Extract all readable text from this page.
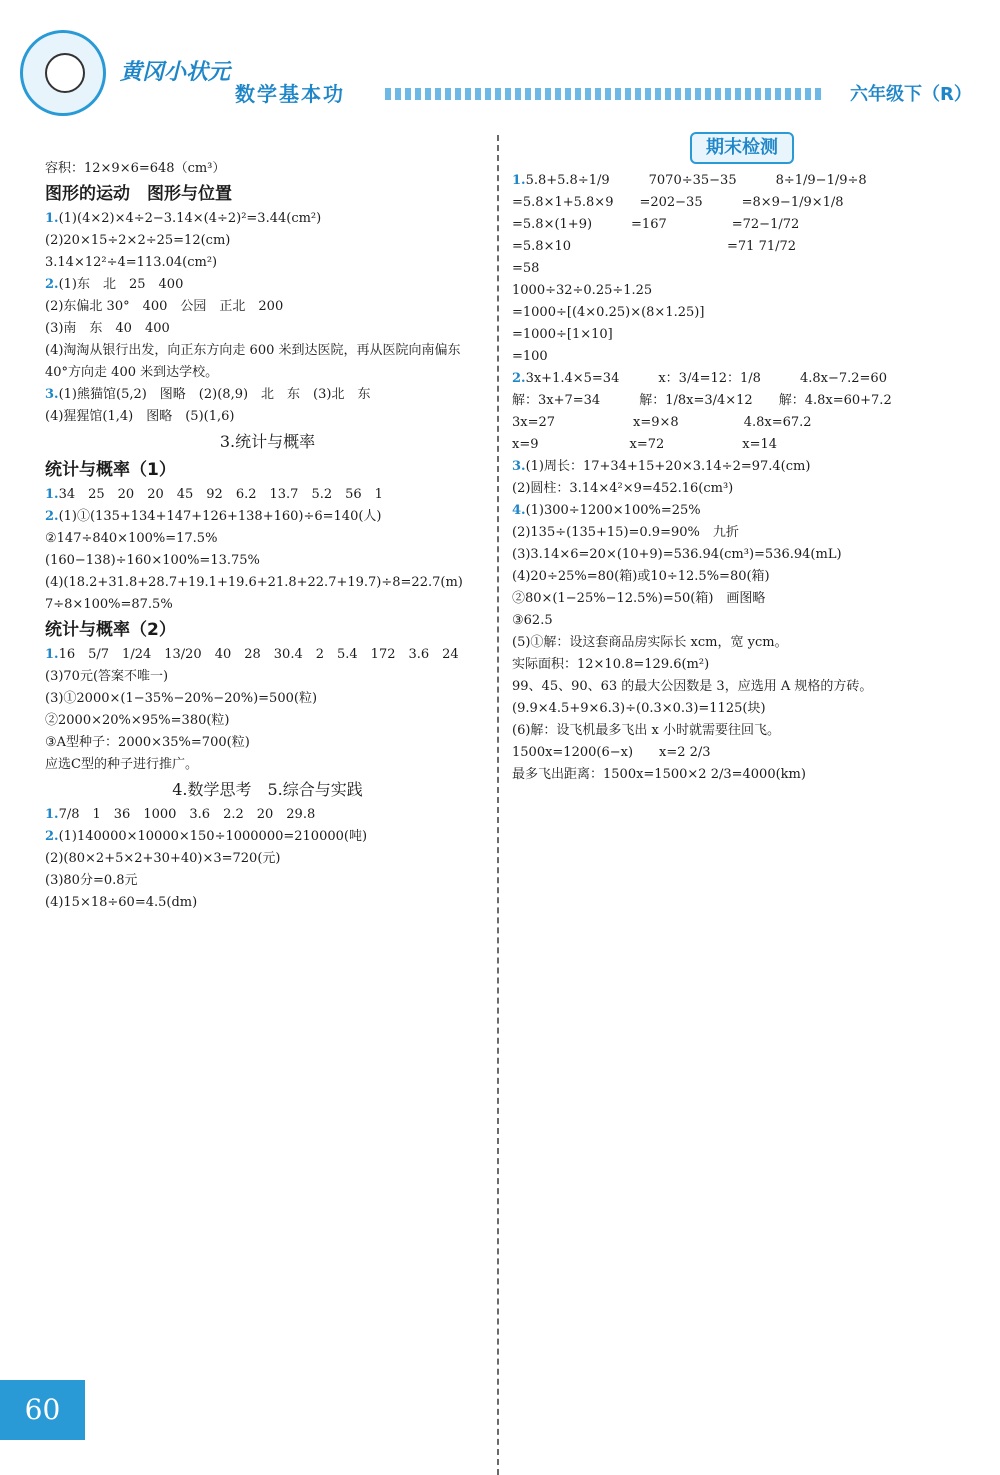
黄冈小状元
数学基本功	六年级下（R）
容积：12×9×6=648（cm³）
图形的运动　图形与位置
1.(1)(4×2)×4÷2−3.14×(4÷2)²=3.44(cm²)
(2)20×15÷2×2÷25=12(cm)
3.14×12²÷4=113.04(cm²)
2.(1)东　北　25　400
(2)东偏北 30°　400　公园　正北　200
(3)南　东　40　400
(4)淘淘从银行出发，向正东方向走 600 米到达医院，再从医院向南偏东
40°方向走 400 米到达学校。
3.(1)熊猫馆(5,2)　图略　(2)(8,9)　北　东　(3)北　东
(4)猩猩馆(1,4)　图略　(5)(1,6)
3.统计与概率
统计与概率（1）
1.34　25　20　20　45　92　6.2　13.7　5.2　56　1
2.(1)①(135+134+147+126+138+160)÷6=140(人)
②147÷840×100%=17.5%
(160−138)÷160×100%=13.75%
(4)(18.2+31.8+28.7+19.1+19.6+21.8+22.7+19.7)÷8=22.7(m)
7÷8×100%=87.5%
统计与概率（2）
1.16　5/7　1/24　13/20　40　28　30.4　2　5.4　172　3.6　24
(3)70元(答案不唯一)
(3)①2000×(1−35%−20%−20%)=500(粒)
②2000×20%×95%=380(粒)
③A型种子：2000×35%=700(粒)
应选C型的种子进行推广。
4.数学思考　5.综合与实践
1.7/8　1　36　1000　3.6　2.2　20　29.8
2.(1)140000×10000×150÷1000000=210000(吨)
(2)(80×2+5×2+30+40)×3=720(元)
(3)80分=0.8元
(4)15×18÷60=4.5(dm)
期末检测
1.5.8+5.8÷1/9　　　7070÷35−35　　　8÷1/9−1/9÷8
=5.8×1+5.8×9　　=202−35　　　=8×9−1/9×1/8
=5.8×(1+9)　　　=167　　　　　=72−1/72
=5.8×10　　　　　　　　　　　　=71 71/72
=58
1000÷32÷0.25÷1.25
=1000÷[(4×0.25)×(8×1.25)]
=1000÷[1×10]
=100
2.3x+1.4×5=34　　　x：3/4=12：1/8　　　4.8x−7.2=60
解：3x+7=34　　　解：1/8x=3/4×12　　解：4.8x=60+7.2
3x=27　　　　　　x=9×8　　　　　4.8x=67.2
x=9　　　　　　　x=72　　　　　　x=14
3.(1)周长：17+34+15+20×3.14÷2=97.4(cm)
(2)圆柱：3.14×4²×9=452.16(cm³)
4.(1)300÷1200×100%=25%
(2)135÷(135+15)=0.9=90%　九折
(3)3.14×6=20×(10+9)=536.94(cm³)=536.94(mL)
(4)20÷25%=80(箱)或10÷12.5%=80(箱)
②80×(1−25%−12.5%)=50(箱)　画图略
③62.5
(5)①解：设这套商品房实际长 xcm，宽 ycm。
实际面积：12×10.8=129.6(m²)
99、45、90、63 的最大公因数是 3，应选用 A 规格的方砖。
(9.9×4.5+9×6.3)÷(0.3×0.3)=1125(块)
(6)解：设飞机最多飞出 x 小时就需要往回飞。
1500x=1200(6−x)　　x=2 2/3
最多飞出距离：1500x=1500×2 2/3=4000(km)
60
